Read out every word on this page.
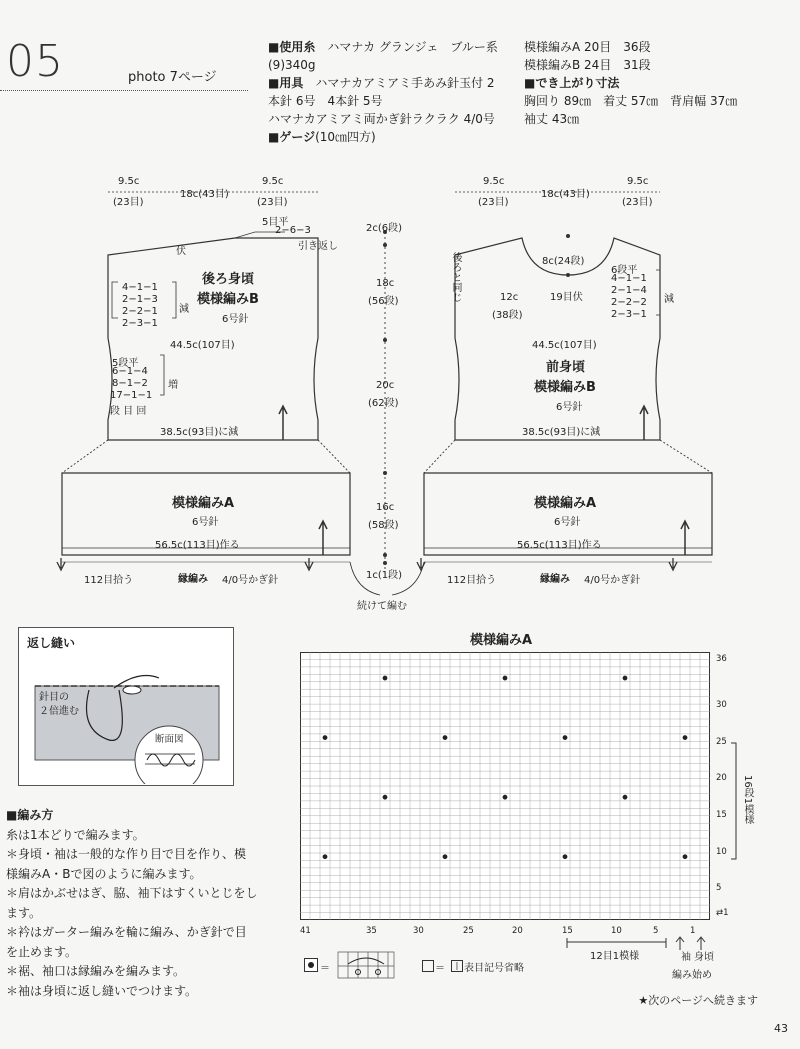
05	photo 7ページ
■使用糸　 ハマナカ グランジェ　ブルー系
(9)340g
■用具　 ハマナカアミアミ手あみ針玉付 2
本針 6号　4本針 5号
ハマナカアミアミ両かぎ針ラクラク 4/0号
■ゲージ(10㎝四方)
模様編みA 20目　36段
模様編みB 24目　31段
■でき上がり寸法
胸回り 89㎝　着丈 57㎝　背肩幅 37㎝
袖丈 43㎝
9.5c
(23目)
18c(43目)
9.5c
(23目)
5目平
2−6−3
引き返し
伏
後ろ身頃
模様編みB
6号針
4−1−1
2−1−3
2−2−1
2−3−1
減
44.5c(107目)
5段平
6−1−4
8−1−2
17−1−1
段 目 回
増
38.5c(93目)に減
模様編みA
6号針
56.5c(113目)作る
112目拾う	縁編み 4/0号かぎ針
2c(6段)
18c
(56段)
20c
(62段)
16c
(58段)
1c(1段)
続けて編む
9.5c
(23目)
18c(43目)
9.5c
(23目)
後ろと同じ	8c(24段)
19目伏
12c
(38段)
6段平
4−1−1
2−1−4
2−2−2
2−3−1
減
44.5c(107目)
前身頃
模様編みB
6号針
38.5c(93目)に減
模様編みA
6号針
56.5c(113目)作る
112目拾う	縁編み 4/0号かぎ針
返し縫い
針目の
２倍進む
断面図
■編み方
糸は1本どりで編みます。
＊身頃・袖は一般的な作り目で目を作り、模
様編みA・Bで図のように編みます。
＊肩はかぶせはぎ、脇、袖下はすくいとじをし
ます。
＊衿はガーター編みを輪に編み、かぎ針で目
を止めます。
＊裾、袖口は縁編みを編みます。
＊袖は身頃に返し縫いでつけます。
模様編みA
36
30
25
20
15
10
5
⇄1
41	35	30	25	20	15	10	5	1
16段1模様
12目1模様	袖 身頃
編み始め
＝	＝	| 表目記号省略
★次のページへ続きます
43
